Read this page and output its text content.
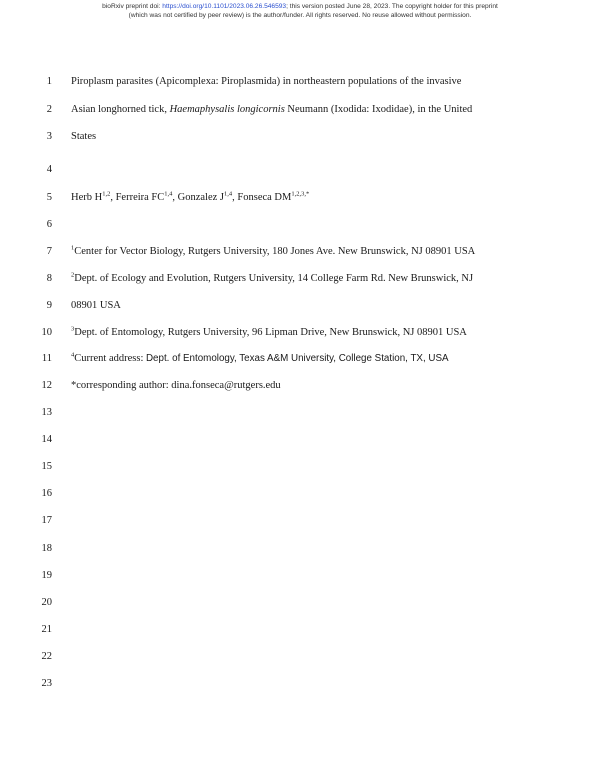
bioRxiv preprint doi: https://doi.org/10.1101/2023.06.26.546593; this version posted June 28, 2023. The copyright holder for this preprint
(which was not certified by peer review) is the author/funder. All rights reserved. No reuse allowed without permission.
1
2
3
4
5
6
7
8
9
10
11
12
13
14
15
16
17
18
19
20
21
22
23
Piroplasm parasites (Apicomplexa: Piroplasmida) in northeastern populations of the invasive
Asian longhorned tick, Haemaphysalis longicornis Neumann (Ixodida: Ixodidae), in the United
States
Herb H$^{1,2}$, Ferreira FC$^{1,4}$, Gonzalez J$^{1,4}$, Fonseca $DM^{1,2,3,*}$
$^1$Center for Vector Biology, Rutgers University, 180 Jones Ave. New Brunswick, NJ 08901 USA
$^2$Dept. of Ecology and Evolution, Rutgers University, 14 College Farm Rd. New Brunswick, NJ
08901 USA
$^3$Dept. of Entomology, Rutgers University, 96 Lipman Drive, New Brunswick, NJ 08901 USA
$^4$Current address: Dept. of Entomology, Texas A&M University, College Station, TX, USA
*corresponding author: dina.fonseca@rutgers.edu
